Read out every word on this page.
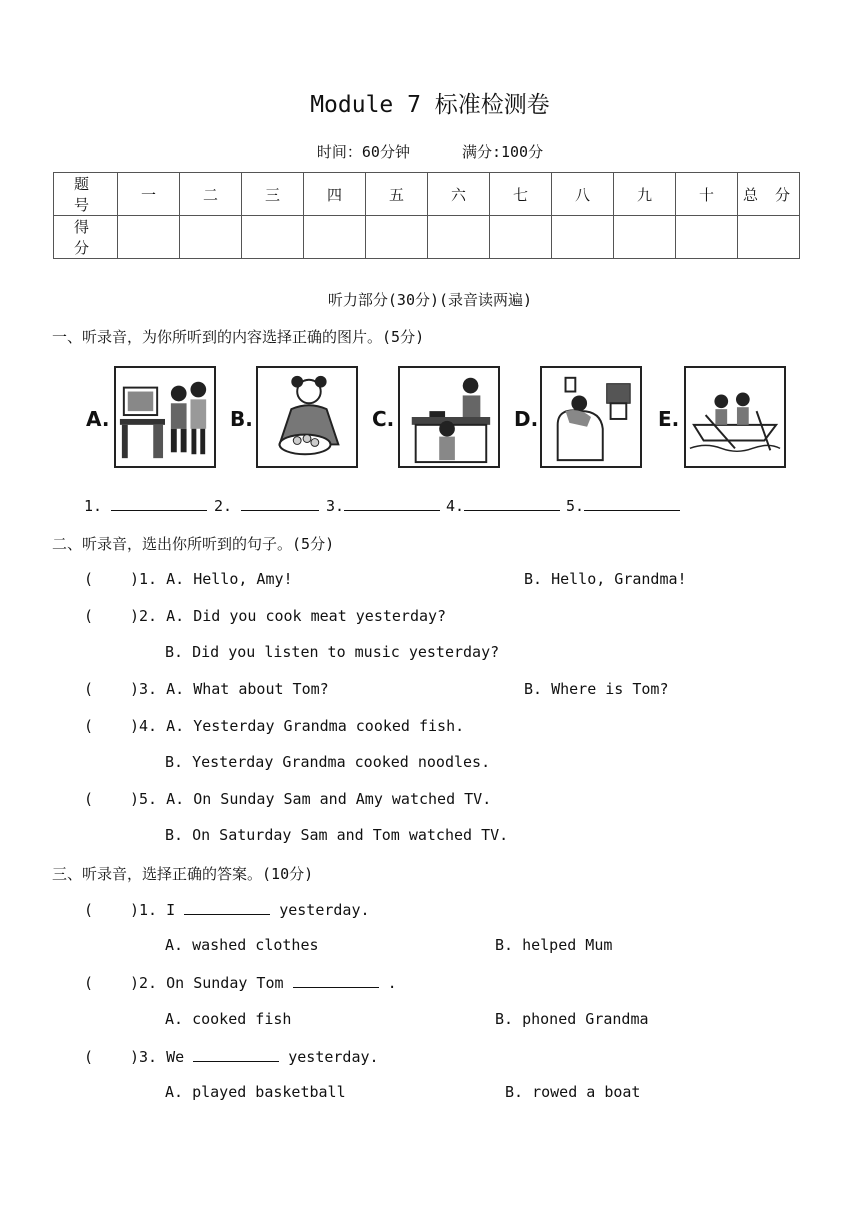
Module 7 标准检测卷
时间：60分钟	满分:100分
题 号	一	二	三	四	五	六	七	八	九	十	总 分
得 分											
听力部分(30分)(录音读两遍)
一、听录音，为你所听到的内容选择正确的图片。(5分)
A.	B.	C.	D.	E.
1.	2.	3.	4.	5.
二、听录音，选出你所听到的句子。(5分)
( )1. A. Hello, Amy!	B. Hello, Grandma!
( )2. A. Did you cook meat yesterday?
B. Did you listen to music yesterday?
( )3. A. What about Tom?	B. Where is Tom?
( )4. A. Yesterday Grandma cooked fish.
B. Yesterday Grandma cooked noodles.
( )5. A. On Sunday Sam and Amy watched TV.
B. On Saturday Sam and Tom watched TV.
三、听录音，选择正确的答案。(10分)
( )1. I	yesterday.
A. washed clothes	B. helped Mum
( )2. On Sunday Tom	.
A. cooked fish	B. phoned Grandma
( )3. We	yesterday.
A. played basketball	B. rowed a boat
